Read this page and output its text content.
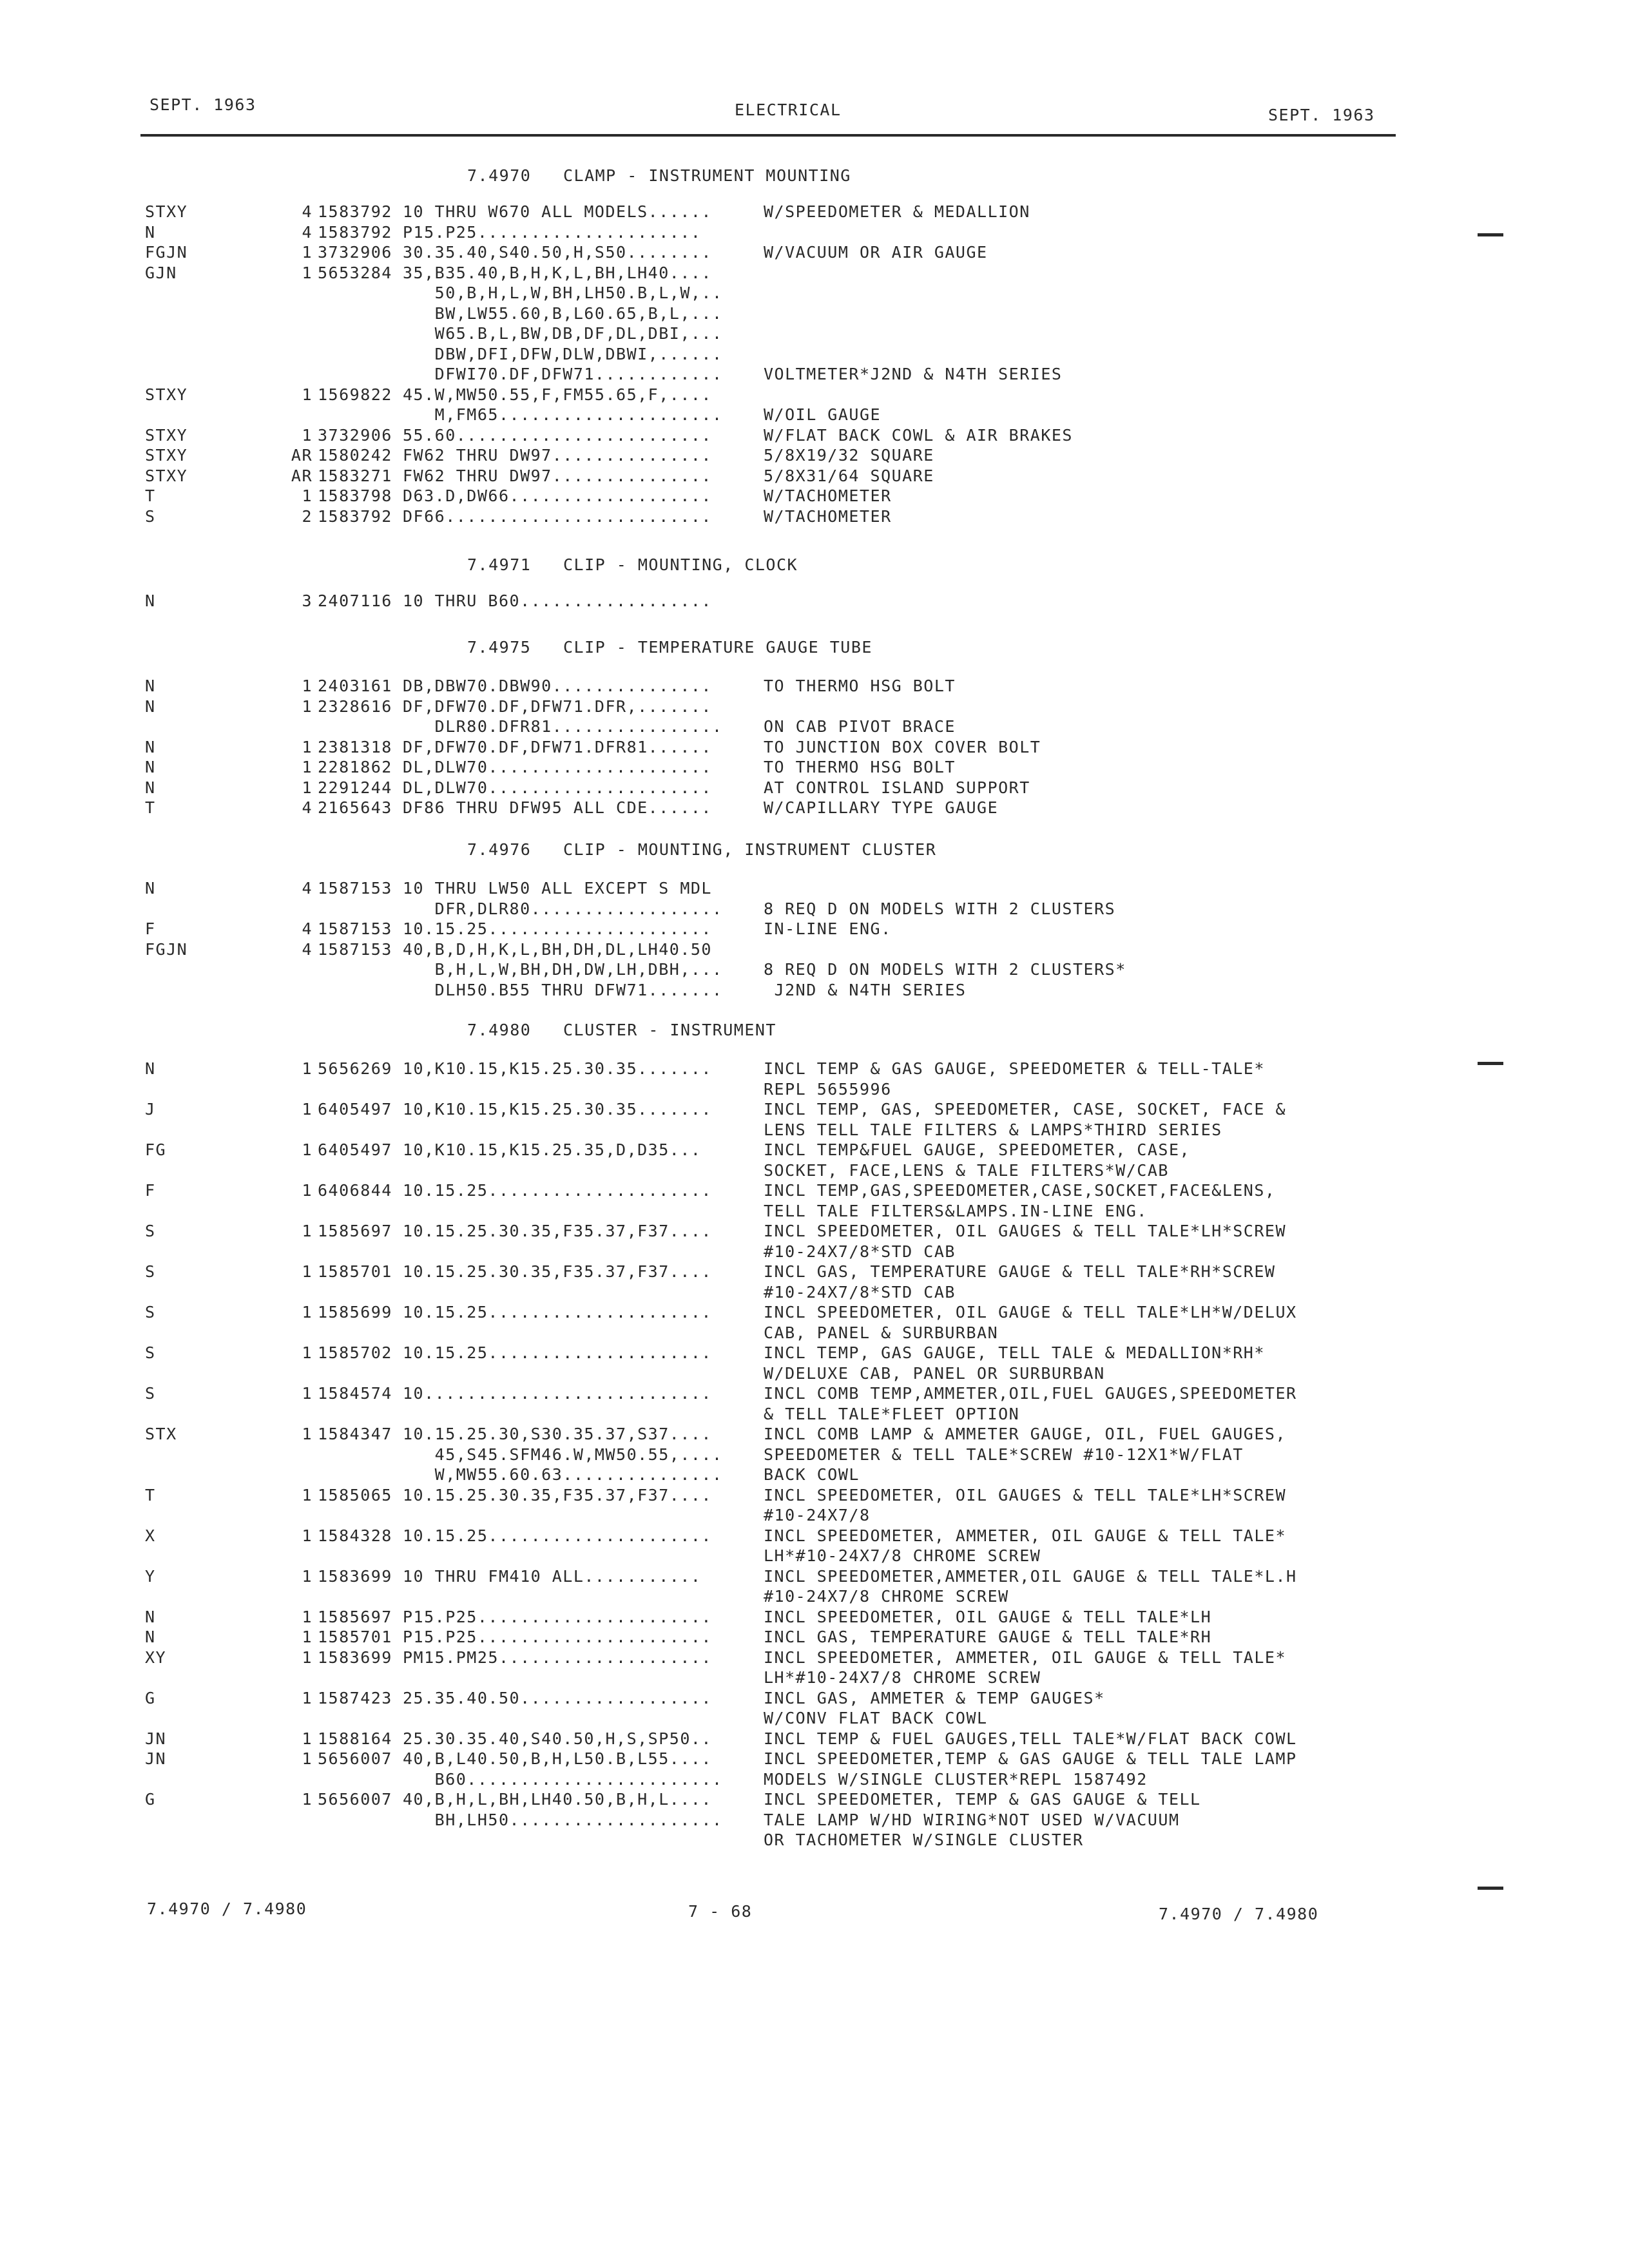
SEPT. 1963	ELECTRICAL	SEPT. 1963
7.4970   CLAMP - INSTRUMENT MOUNTING
STXY	4 1583792 10 THRU W670 ALL MODELS......	W/SPEEDOMETER & MEDALLION
N	4 1583792 P15.P25.....................
FGJN	1 3732906 30.35.40,S40.50,H,S50........	W/VACUUM OR AIR GAUGE
GJN	1 5653284 35,B35.40,B,H,K,L,BH,LH40....
50,B,H,L,W,BH,LH50.B,L,W,..
BW,LW55.60,B,L60.65,B,L,...
W65.B,L,BW,DB,DF,DL,DBI,...
DBW,DFI,DFW,DLW,DBWI,......
DFWI70.DF,DFW71............	VOLTMETER*J2ND & N4TH SERIES
STXY	1 1569822 45.W,MW50.55,F,FM55.65,F,....
M,FM65.....................	W/OIL GAUGE
STXY	1 3732906 55.60........................	W/FLAT BACK COWL & AIR BRAKES
STXY	AR 1580242 FW62 THRU DW97...............	5/8X19/32 SQUARE
STXY	AR 1583271 FW62 THRU DW97...............	5/8X31/64 SQUARE
T	1 1583798 D63.D,DW66...................	W/TACHOMETER
S	2 1583792 DF66.........................	W/TACHOMETER
7.4971   CLIP - MOUNTING, CLOCK
N	3 2407116 10 THRU B60..................
7.4975   CLIP - TEMPERATURE GAUGE TUBE
N	1 2403161 DB,DBW70.DBW90...............	TO THERMO HSG BOLT
N	1 2328616 DF,DFW70.DF,DFW71.DFR,.......
DLR80.DFR81................	ON CAB PIVOT BRACE
N	1 2381318 DF,DFW70.DF,DFW71.DFR81......	TO JUNCTION BOX COVER BOLT
N	1 2281862 DL,DLW70.....................	TO THERMO HSG BOLT
N	1 2291244 DL,DLW70.....................	AT CONTROL ISLAND SUPPORT
T	4 2165643 DF86 THRU DFW95 ALL CDE......	W/CAPILLARY TYPE GAUGE
7.4976   CLIP - MOUNTING, INSTRUMENT CLUSTER
N	4 1587153 10 THRU LW50 ALL EXCEPT S MDL
DFR,DLR80..................	8 REQ D ON MODELS WITH 2 CLUSTERS
F	4 1587153 10.15.25.....................	IN-LINE ENG.
FGJN	4 1587153 40,B,D,H,K,L,BH,DH,DL,LH40.50
B,H,L,W,BH,DH,DW,LH,DBH,...	8 REQ D ON MODELS WITH 2 CLUSTERS*
DLH50.B55 THRU DFW71.......	J2ND & N4TH SERIES
7.4980   CLUSTER - INSTRUMENT
N	1 5656269 10,K10.15,K15.25.30.35.......	INCL TEMP & GAS GAUGE, SPEEDOMETER & TELL-TALE*
REPL 5655996
J	1 6405497 10,K10.15,K15.25.30.35.......	INCL TEMP, GAS, SPEEDOMETER, CASE, SOCKET, FACE &
LENS TELL TALE FILTERS & LAMPS*THIRD SERIES
FG	1 6405497 10,K10.15,K15.25.35,D,D35...	INCL TEMP&FUEL GAUGE, SPEEDOMETER, CASE,
SOCKET, FACE,LENS & TALE FILTERS*W/CAB
F	1 6406844 10.15.25.....................	INCL TEMP,GAS,SPEEDOMETER,CASE,SOCKET,FACE&LENS,
TELL TALE FILTERS&LAMPS.IN-LINE ENG.
S	1 1585697 10.15.25.30.35,F35.37,F37....	INCL SPEEDOMETER, OIL GAUGES & TELL TALE*LH*SCREW
#10-24X7/8*STD CAB
S	1 1585701 10.15.25.30.35,F35.37,F37....	INCL GAS, TEMPERATURE GAUGE & TELL TALE*RH*SCREW
#10-24X7/8*STD CAB
S	1 1585699 10.15.25.....................	INCL SPEEDOMETER, OIL GAUGE & TELL TALE*LH*W/DELUX
CAB, PANEL & SURBURBAN
S	1 1585702 10.15.25.....................	INCL TEMP, GAS GAUGE, TELL TALE & MEDALLION*RH*
W/DELUXE CAB, PANEL OR SURBURBAN
S	1 1584574 10...........................	INCL COMB TEMP,AMMETER,OIL,FUEL GAUGES,SPEEDOMETER
& TELL TALE*FLEET OPTION
STX	1 1584347 10.15.25.30,S30.35.37,S37....	INCL COMB LAMP & AMMETER GAUGE, OIL, FUEL GAUGES,
45,S45.SFM46.W,MW50.55,....	SPEEDOMETER & TELL TALE*SCREW #10-12X1*W/FLAT
W,MW55.60.63...............	BACK COWL
T	1 1585065 10.15.25.30.35,F35.37,F37....	INCL SPEEDOMETER, OIL GAUGES & TELL TALE*LH*SCREW
#10-24X7/8
X	1 1584328 10.15.25.....................	INCL SPEEDOMETER, AMMETER, OIL GAUGE & TELL TALE*
LH*#10-24X7/8 CHROME SCREW
Y	1 1583699 10 THRU FM410 ALL...........	INCL SPEEDOMETER,AMMETER,OIL GAUGE & TELL TALE*L.H
#10-24X7/8 CHROME SCREW
N	1 1585697 P15.P25......................	INCL SPEEDOMETER, OIL GAUGE & TELL TALE*LH
N	1 1585701 P15.P25......................	INCL GAS, TEMPERATURE GAUGE & TELL TALE*RH
XY	1 1583699 PM15.PM25....................	INCL SPEEDOMETER, AMMETER, OIL GAUGE & TELL TALE*
LH*#10-24X7/8 CHROME SCREW
G	1 1587423 25.35.40.50..................	INCL GAS, AMMETER & TEMP GAUGES*
W/CONV FLAT BACK COWL
JN	1 1588164 25.30.35.40,S40.50,H,S,SP50..	INCL TEMP & FUEL GAUGES,TELL TALE*W/FLAT BACK COWL
JN	1 5656007 40,B,L40.50,B,H,L50.B,L55....	INCL SPEEDOMETER,TEMP & GAS GAUGE & TELL TALE LAMP
B60........................	MODELS W/SINGLE CLUSTER*REPL 1587492
G	1 5656007 40,B,H,L,BH,LH40.50,B,H,L....	INCL SPEEDOMETER, TEMP & GAS GAUGE & TELL
BH,LH50....................	TALE LAMP W/HD WIRING*NOT USED W/VACUUM
OR TACHOMETER W/SINGLE CLUSTER
7.4970 / 7.4980	7 - 68	7.4970 / 7.4980
